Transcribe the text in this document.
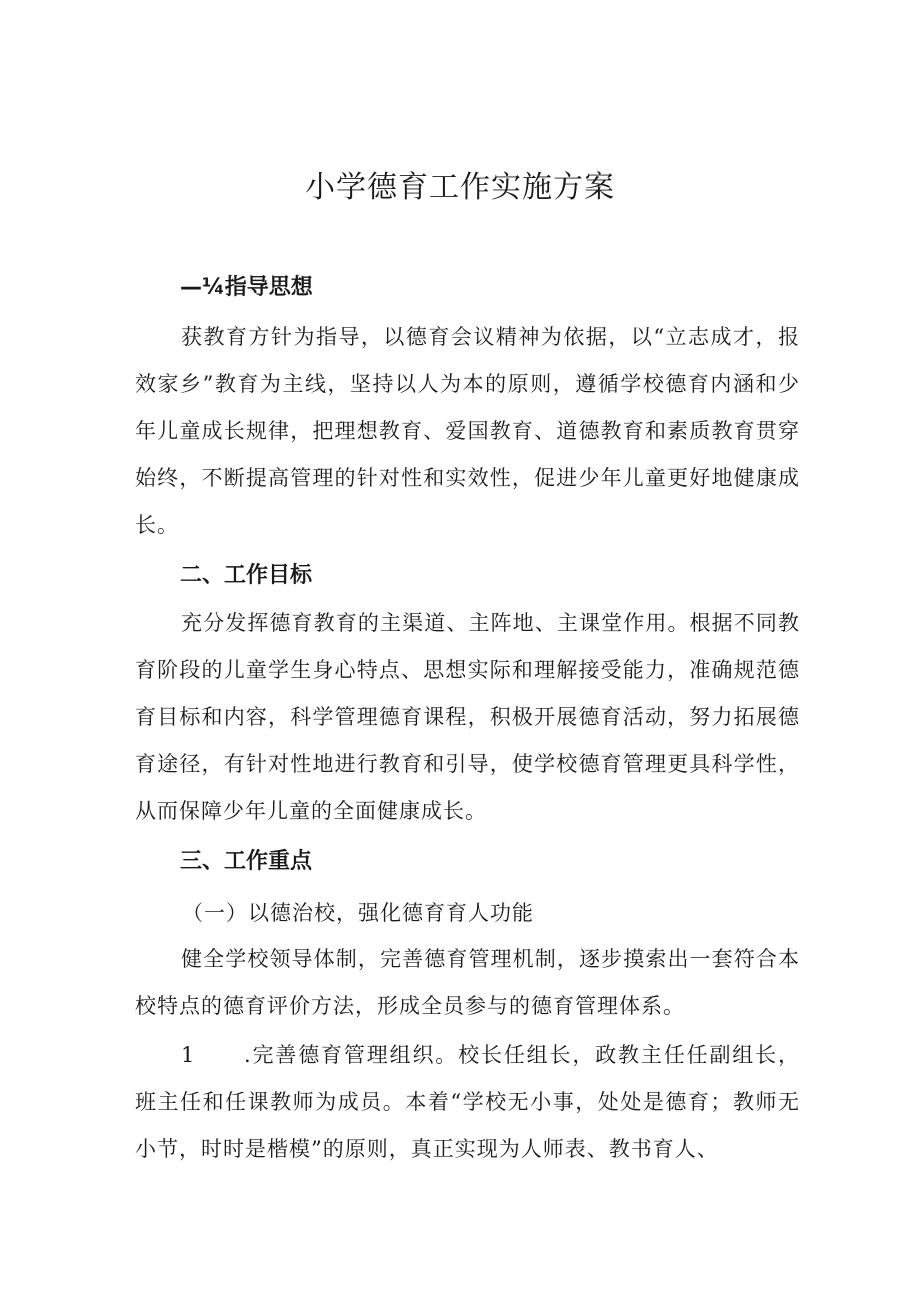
小学德育工作实施方案
—¼指导思想

获教育方针为指导，以德育会议精神为依据，以“立志成才，报效家乡”教育为主线，坚持以人为本的原则，遵循学校德育内涵和少年儿童成长规律，把理想教育、爱国教育、道德教育和素质教育贯穿始终，不断提高管理的针对性和实效性，促进少年儿童更好地健康成长。

二、工作目标

充分发挥德育教育的主渠道、主阵地、主课堂作用。根据不同教育阶段的儿童学生身心特点、思想实际和理解接受能力，准确规范德育目标和内容，科学管理德育课程，积极开展德育活动，努力拓展德育途径，有针对性地进行教育和引导，使学校德育管理更具科学性，从而保障少年儿童的全面健康成长。

三、工作重点

（一）以德治校，强化德育育人功能

健全学校领导体制，完善德育管理机制，逐步摸索出一套符合本校特点的德育评价方法，形成全员参与的德育管理体系。

1 .完善德育管理组织。校长任组长，政教主任任副组长，班主任和任课教师为成员。本着“学校无小事，处处是德育；教师无小节，时时是楷模”的原则，真正实现为人师表、教书育人、
